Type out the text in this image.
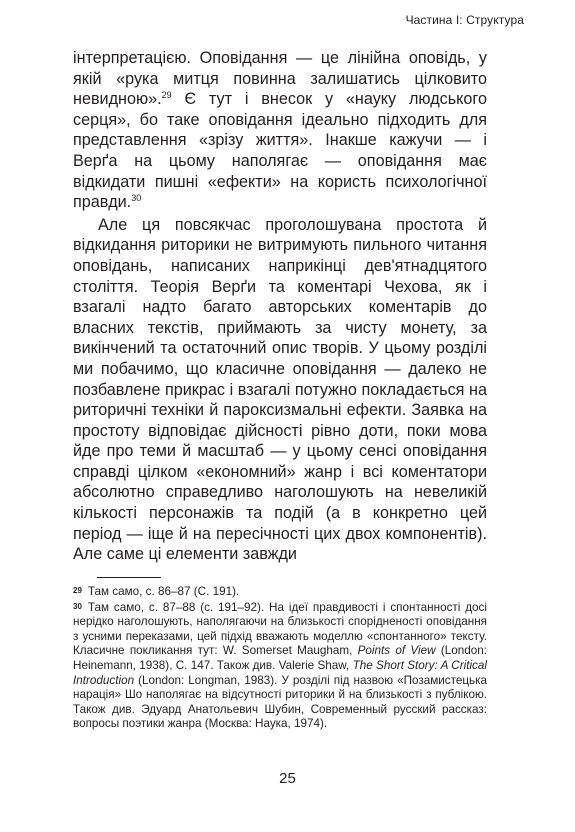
Частина І: Структура

інтерпретацією. Оповідання — це лінійна оповідь, у якій «рука митця повинна залишатись цілковито невидною».$^{29}$ Є тут і внесок у «науку людського серця», бо таке оповідання ідеально підходить для представлення «зрізу життя». Інакше кажучи — і Верґа на цьому наполягає — оповідання має відкидати пишні «ефекти» на користь психологічної правди.$^{30}$

Але ця повсякчас проголошувана простота й відкидання риторики не витримують пильного читання оповідань, написаних наприкінці дев'ятнадцятого століття. Теорія Верґи та коментарі Чехова, як і взагалі надто багато авторських коментарів до власних текстів, приймають за чисту монету, за викінчений та остаточний опис творів. У цьому розділі ми побачимо, що класичне оповідання — далеко не позбавлене прикрас і взагалі потужно покладається на риторичні техніки й пароксизмальні ефекти. Заявка на простоту відповідає дійсності рівно доти, поки мова йде про теми й масштаб — у цьому сенсі оповідання справді цілком «економний» жанр і всі коментатори абсолютно справедливо наголошують на невеликій кількості персонажів та подій (а в конкретно цей період — іще й на пересічності цих двох компонентів). Але саме ці елементи завжди

29 Там само, с. 86–87 (С. 191).

30 Там само, с. 87–88 (с. 191–92). На ідеї правдивості і спонтанності досі нерідко наголошують, наполягаючи на близькості спорідненості оповідання з усними переказами, цей підхід вважають моделлю «спонтанного» тексту. Класичне покликання тут: W. Somerset Maugham, Points of View (London: Heinemann, 1938), С. 147. Також див. Valerie Shaw, The Short Story: A Critical Introduction (London: Longman, 1983). У розділі під назвою «Позамистецька нарація» Шо наполягає на відсутності риторики й на близькості з публікою. Також див. Эдуард Анатольевич Шубин, Современный русский рассказ: вопросы поэтики жанра (Москва: Наука, 1974).

25
